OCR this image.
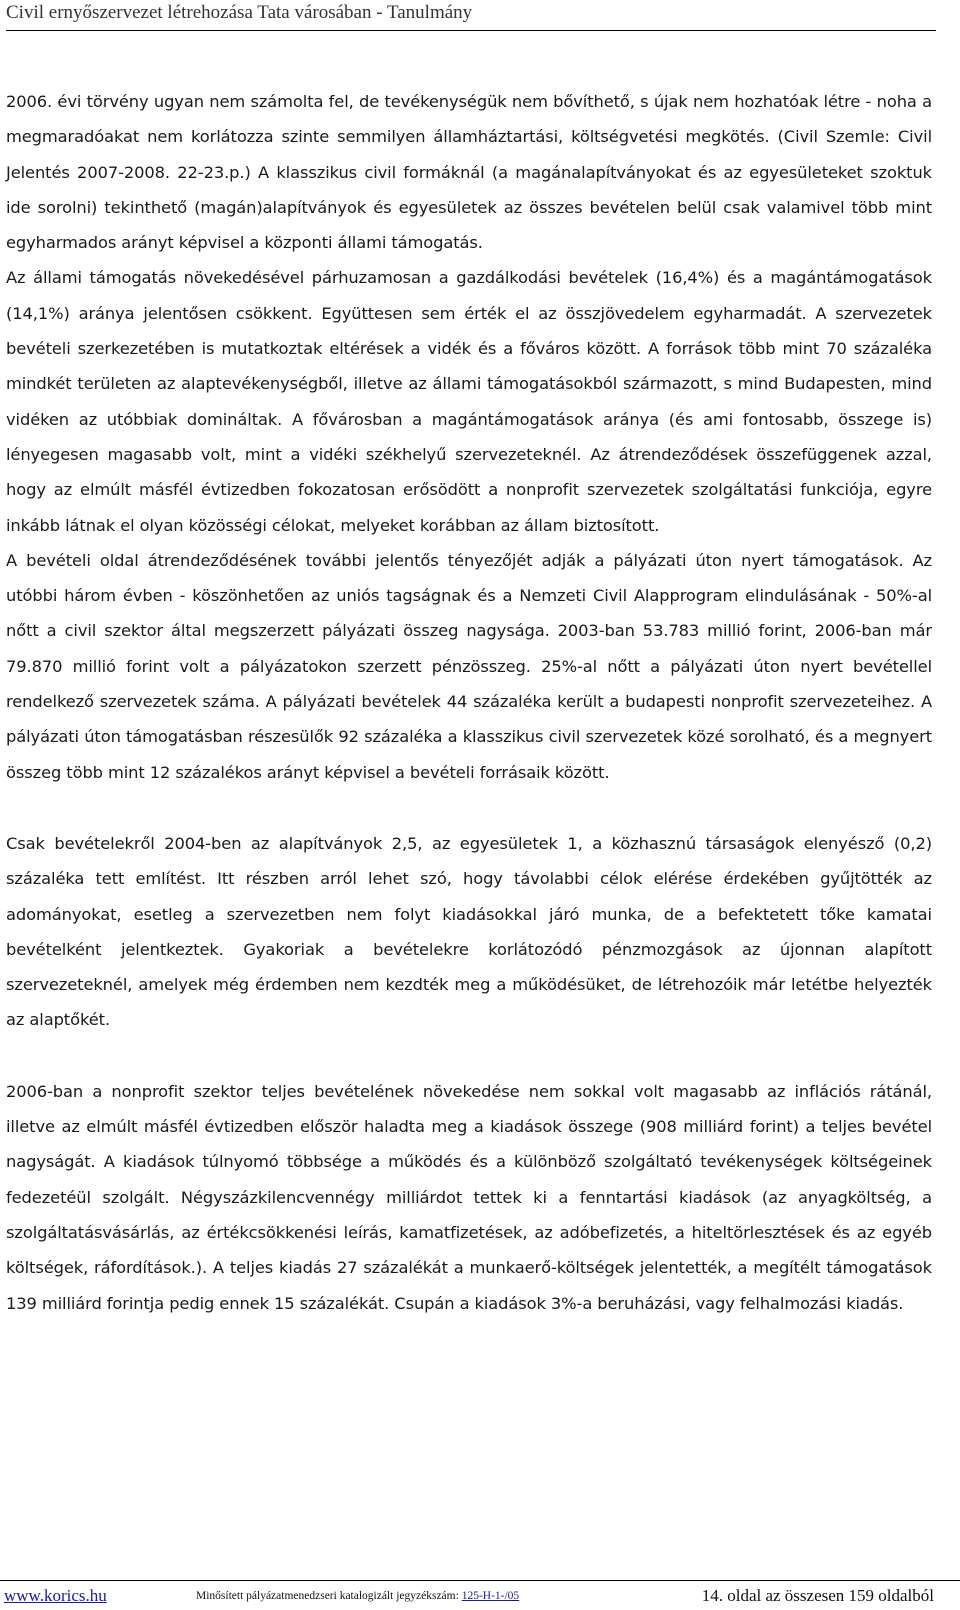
Civil ernyőszervezet létrehozása Tata városában - Tanulmány

2006. évi törvény ugyan nem számolta fel, de tevékenységük nem bővíthető, s újak nem hozhatóak létre - noha a megmaradóakat nem korlátozza szinte semmilyen államháztartási, költségvetési megkötés. (Civil Szemle: Civil Jelentés 2007-2008. 22-23.p.) A klasszikus civil formáknál (a magánalapítványokat és az egyesületeket szoktuk ide sorolni) tekinthető (magán)alapítványok és egyesületek az összes bevételen belül csak valamivel több mint egyharmados arányt képvisel a központi állami támogatás.

Az állami támogatás növekedésével párhuzamosan a gazdálkodási bevételek (16,4%) és a magántámogatások (14,1%) aránya jelentősen csökkent. Együttesen sem érték el az összjövedelem egyharmadát. A szervezetek bevételi szerkezetében is mutatkoztak eltérések a vidék és a főváros között. A források több mint 70 százaléka mindkét területen az alaptevékenységből, illetve az állami támogatásokból származott, s mind Budapesten, mind vidéken az utóbbiak domináltak. A fővárosban a magántámogatások aránya (és ami fontosabb, összege is) lényegesen magasabb volt, mint a vidéki székhelyű szervezeteknél. Az átrendeződések összefüggenek azzal, hogy az elmúlt másfél évtizedben fokozatosan erősödött a nonprofit szervezetek szolgáltatási funkciója, egyre inkább látnak el olyan közösségi célokat, melyeket korábban az állam biztosított.

A bevételi oldal átrendeződésének további jelentős tényezőjét adják a pályázati úton nyert támogatások. Az utóbbi három évben - köszönhetően az uniós tagságnak és a Nemzeti Civil Alapprogram elindulásának - 50%-al nőtt a civil szektor által megszerzett pályázati összeg nagysága. 2003-ban 53.783 millió forint, 2006-ban már 79.870 millió forint volt a pályázatokon szerzett pénzösszeg. 25%-al nőtt a pályázati úton nyert bevétellel rendelkező szervezetek száma. A pályázati bevételek 44 százaléka került a budapesti nonprofit szervezeteihez. A pályázati úton támogatásban részesülők 92 százaléka a klasszikus civil szervezetek közé sorolható, és a megnyert összeg több mint 12 százalékos arányt képvisel a bevételi forrásaik között.

Csak bevételekről 2004-ben az alapítványok 2,5, az egyesületek 1, a közhasznú társaságok elenyésző (0,2) százaléka tett említést. Itt részben arról lehet szó, hogy távolabbi célok elérése érdekében gyűjtötték az adományokat, esetleg a szervezetben nem folyt kiadásokkal járó munka, de a befektetett tőke kamatai bevételként jelentkeztek. Gyakoriak a bevételekre korlátozódó pénzmozgások az újonnan alapított szervezeteknél, amelyek még érdemben nem kezdték meg a működésüket, de létrehozóik már letétbe helyezték az alaptőkét.

2006-ban a nonprofit szektor teljes bevételének növekedése nem sokkal volt magasabb az inflációs rátánál, illetve az elmúlt másfél évtizedben először haladta meg a kiadások összege (908 milliárd forint) a teljes bevétel nagyságát. A kiadások túlnyomó többsége a működés és a különböző szolgáltató tevékenységek költségeinek fedezetéül szolgált. Négyszázkilencvennégy milliárdot tettek ki a fenntartási kiadások (az anyagköltség, a szolgáltatásvásárlás, az értékcsökkenési leírás, kamatfizetések, az adóbefizetés, a hiteltörlesztések és az egyéb költségek, ráfordítások.). A teljes kiadás 27 százalékát a munkaerő-költségek jelentették, a megítélt támogatások 139 milliárd forintja pedig ennek 15 százalékát. Csupán a kiadások 3%-a beruházási, vagy felhalmozási kiadás.

www.korics.hu	Minősített pályázatmenedzseri katalogizált jegyzékszám: 125-H-1-/05	14. oldal az összesen 159 oldalból
